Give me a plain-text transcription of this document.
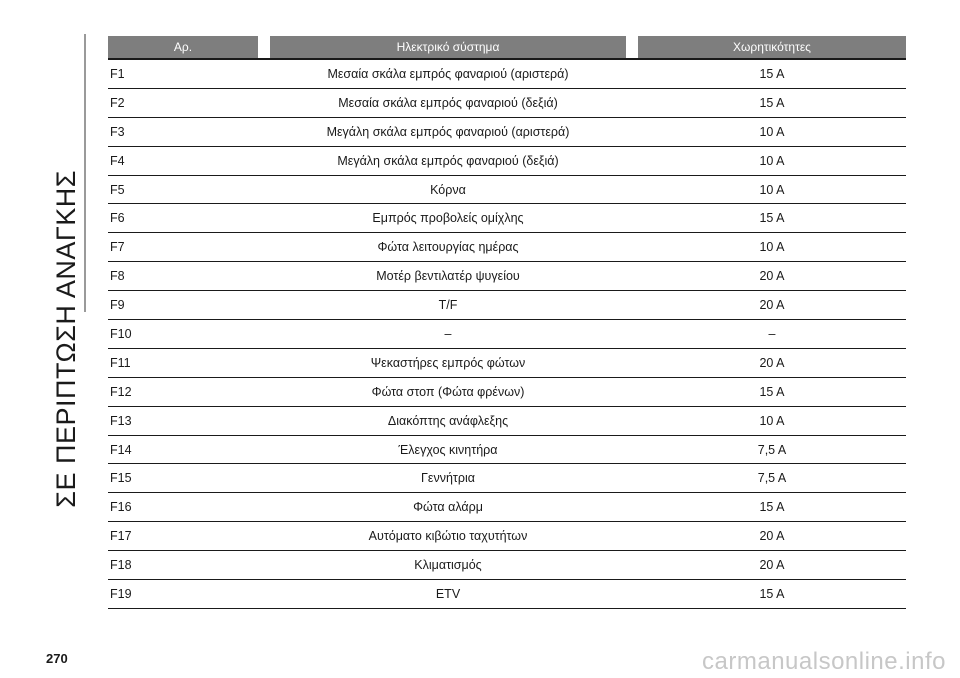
ΣΕ ΠΕΡΙΠΤΩΣΗ ΑΝΑΓΚΗΣ
Αρ.		Ηλεκτρικό σύστημα		Χωρητικότητες
F1	Μεσαία σκάλα εμπρός φαναριού (αριστερά)			15 A
F2	Μεσαία σκάλα εμπρός φαναριού (δεξιά)			15 A
F3	Μεγάλη σκάλα εμπρός φαναριού (αριστερά)			10 A
F4	Μεγάλη σκάλα εμπρός φαναριού (δεξιά)			10 A
F5	Κόρνα			10 A
F6	Εμπρός προβολείς ομίχλης			15 A
F7	Φώτα λειτουργίας ημέρας			10 A
F8	Μοτέρ βεντιλατέρ ψυγείου			20 A
F9	T/F			20 A
F10	–			–
F11	Ψεκαστήρες εμπρός φώτων			20 A
F12	Φώτα στοπ (Φώτα φρένων)			15 A
F13	Διακόπτης ανάφλεξης			10 A
F14	Έλεγχος κινητήρα			7,5 A
F15	Γεννήτρια			7,5 A
F16	Φώτα αλάρμ			15 A
F17	Αυτόματο κιβώτιο ταχυτήτων			20 A
F18	Κλιματισμός			20 A
F19	ETV			15 A
270	carmanualsonline.info
